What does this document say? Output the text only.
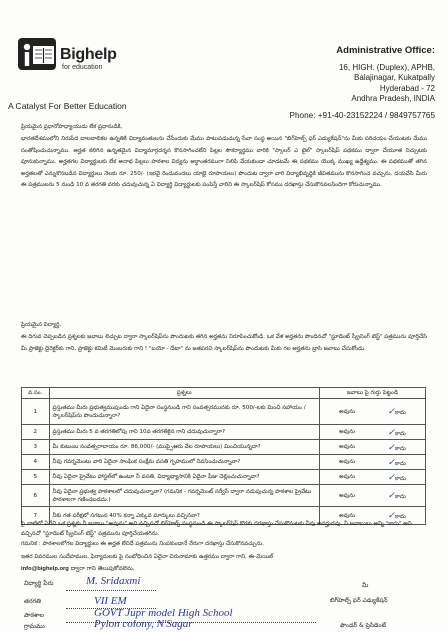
Bighelp
for education
A Catalyst For Better Education
Administrative Office:
16, HIGH. (Duplex), APHB,
Balajinagar, Kukatpally
Hyderabad - 72
Andhra Pradesh, INDIA
Phone: +91-40-23152224 / 9849757765
ప్రియమైన ప్రధానోపాధ్యాయుడు లేక ప్రధానుడికి,
భారతదేశములోని నిరుపేద బాలబాలికల ఉన్నతికి విద్యావంతులను చేసేందుకు మేము పాటుపడుచున్న సేవా సంస్థ అయిన "బిగ్‌హెల్ప్ ఫర్ ఎడ్యుకేషన్"ను మీకు పరిచయం చేయుటకు మేము సంతోషించుచున్నాము. అర్హత కలిగిన ఉన్నతమైన విద్యామార్గదర్శన కొనసాగించలేని పిల్లల సౌకర్యార్థము వారికి "స్కాలర్ ఎ టైల్" స్కాలర్‌షిప్ పథకము ద్వారా చేయూత నిచ్చుటకు పూనుకున్నాము. అర్హతగల విద్యార్థులకు లేక అనాథ పిల్లలు పాఠశాల విద్యను అర్ధాంతరముగా నిలిపి వేయకుండా చూడటమే ఈ పథకము యొక్క ముఖ్య ఉద్దేశ్యము. ఈ పథకముతో తగిన అర్హతలతో ఎన్నుకొనబడిన విద్యార్థులు నెలకు రూ. 250/- (ఇరవై రెండువందలు యాభై రూపాయలు) పొందుట ద్వారా వారి విద్యాభివృద్ధికి జీవితమును కొనసాగించ వచ్చును. దయచేసి మీరు ఈ పత్రములను 5 నుండి 10 వ తరగతి వరకు చదువుచున్న ఏ విద్యార్థి విద్యార్థులకు పంపిస్తే వారిని ఈ స్కాలర్‌షిప్ కోసము దరఖాస్తు చేసుకొనవలసిందిగా కోరుచున్నాము.
ప్రియమైన విద్యార్థి,
ఈ దిగువ చెప్పబడిన ప్రశ్నలకు జవాబు లిచ్చుట ద్వారా స్కాలర్‌షిప్‌ను పొందుటకు తగిన అర్హతను నిరూపించుకోండి. ఒక వేళ అర్హతను పొందినచో "స్టూడెంట్ స్క్రీనింగ్ టెస్ట్" పత్రమును పూర్తిచేసి మీ ప్రాజెక్టు డైరెక్టర్‌కు గాని, ప్రాజెక్టు కమిటీ మెంబరుకు గాని ! "బయో - డేటా" ను జతపరచి స్కాలర్‌షిప్‌ను పొందుటకు మీకు గల అర్హతను బ్రాసి జవాబు చేసుకోండు.
వ.సం.	ప్రశ్నలు	జవాబు పై గుర్తు పెట్టండి
1	ప్రస్తుతము మీరు ప్రభుత్వముపుండు గాని ఏదైనా సంస్థనుండి గాని సంవత్సరమునకు రూ. 500/-లకు మించి సహాయం / స్కాలర్‌షిప్‌ను పొందుచున్నారా?	అవును ✓కాదు

2	ప్రస్తుతము మీరు 5 వ తరగతిలోపు గాని 10వ తరగతికైన గాని చదువుచున్నారా?	అవును ✓కాదు

3	మీ కుటుంబ సంవత్సరాదాయం రూ. 86,000/- (ముప్పైఆరు వేల రూపాయలు) మించియున్నదా?	అవును ✓కాదు

4	నీవు గవర్నమెంటు వారి ఏదైనా సాంఘిక సంక్షేమ వసతి గృహములో నివసించుచున్నావా?	అవును ✓కాదు

5	నీవు ఏదైనా ప్రైవేటు హాస్టల్‌లో ఉంటూ నీ వసతి, విద్యాభ్యాసానికి ఏదైనా ఫీజు చెల్లించుచున్నావా?	అవును ✓కాదు

6	నీవు ఏదైనా ప్రభుత్వ పాఠశాలలో చదువుచున్నావా? (గమనిక - గవర్నమెంట్ సర్వీసే ద్వారా నడుపుచున్న పాఠశాల ప్రైవేటు పాఠశాలగా గణించబడదు.)	అవును ✓కాదు

7	నీకు గత పరీక్షలో సగటున 40% కన్నా ఎక్కువ మార్కులు వచ్చినవా?	అవును ✓కాదు
పై వాటిలో ఏదేని ఒక ప్రశ్నకు నీ జవాబు "అవును" అని వచ్చినచో బిగ్‌హెల్ప్ సంస్థనుండి ఈ స్కాలర్‌షిప్ కొరకు దరఖాస్తు చేసుకొనుటకు నీవు అనర్హుడవు. నీ జవాబులు అన్ని "కాదు" అని వచ్చినచో "స్టూడెంట్ స్క్రీనింగ్ టెస్ట్" పత్రమును పూర్తిచేయతగిను.
గమనిక : పాఠశాలలోగల విద్యార్థులు ఈ అర్హత లేనిదే పత్రమును నింపకుండానే నేరుగా దరఖాస్తు చేసుకొనవచ్చును.
ఇతర వివరముల సందేహముల, ఫిర్యాదులకు పై సంబోధించిన ఏదైనా చిరునామాకు ఉత్తరము ద్వారా గాని, ఈ-మెయిల్
info@bighelp.org ద్వారా గాని తెలుపుకోవలెను.
విద్యార్థి పేరు	M. Sridaxmi
తరగతి	VII EM
పాఠశాల	GOVT Jupr model High School
గ్రామము	Pylon colony, N'Sagar
మీ
బిగ్‌హెల్ప్ ఫర్ ఎడ్యుకేషన్
ఫౌండర్ & ప్రెసిడెంట్
